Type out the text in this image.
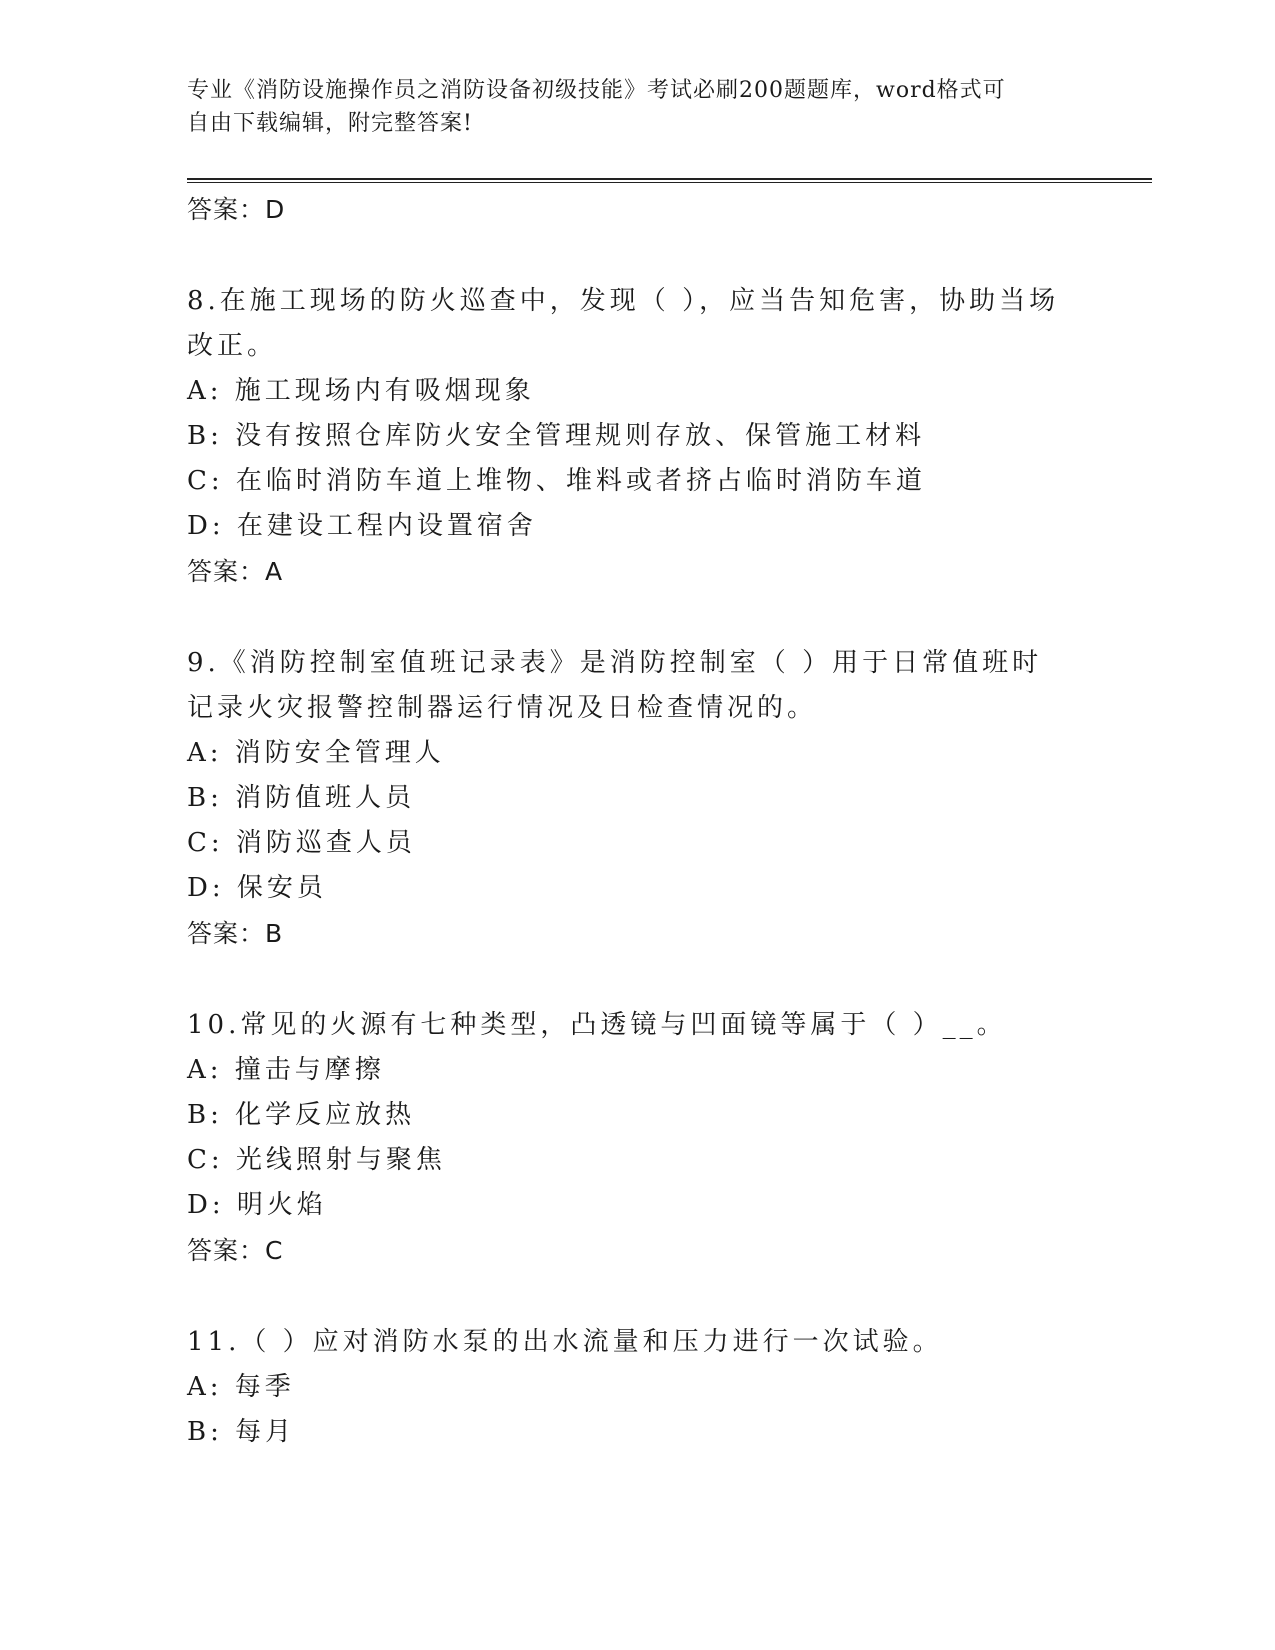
专业《消防设施操作员之消防设备初级技能》考试必刷200题题库，word格式可
自由下载编辑，附完整答案!
答案：D
8.在施工现场的防火巡查中，发现（ ），应当告知危害，协助当场改正。
A: 施工现场内有吸烟现象
B: 没有按照仓库防火安全管理规则存放、保管施工材料
C: 在临时消防车道上堆物、堆料或者挤占临时消防车道
D: 在建设工程内设置宿舍
答案：A
9.《消防控制室值班记录表》是消防控制室（ ）用于日常值班时记录火灾报警控制器运行情况及日检查情况的。
A: 消防安全管理人
B: 消防值班人员
C: 消防巡查人员
D: 保安员
答案：B
10.常见的火源有七种类型，凸透镜与凹面镜等属于（ ）__。
A: 撞击与摩擦
B: 化学反应放热
C: 光线照射与聚焦
D: 明火焰
答案：C
11.（ ）应对消防水泵的出水流量和压力进行一次试验。
A: 每季
B: 每月
